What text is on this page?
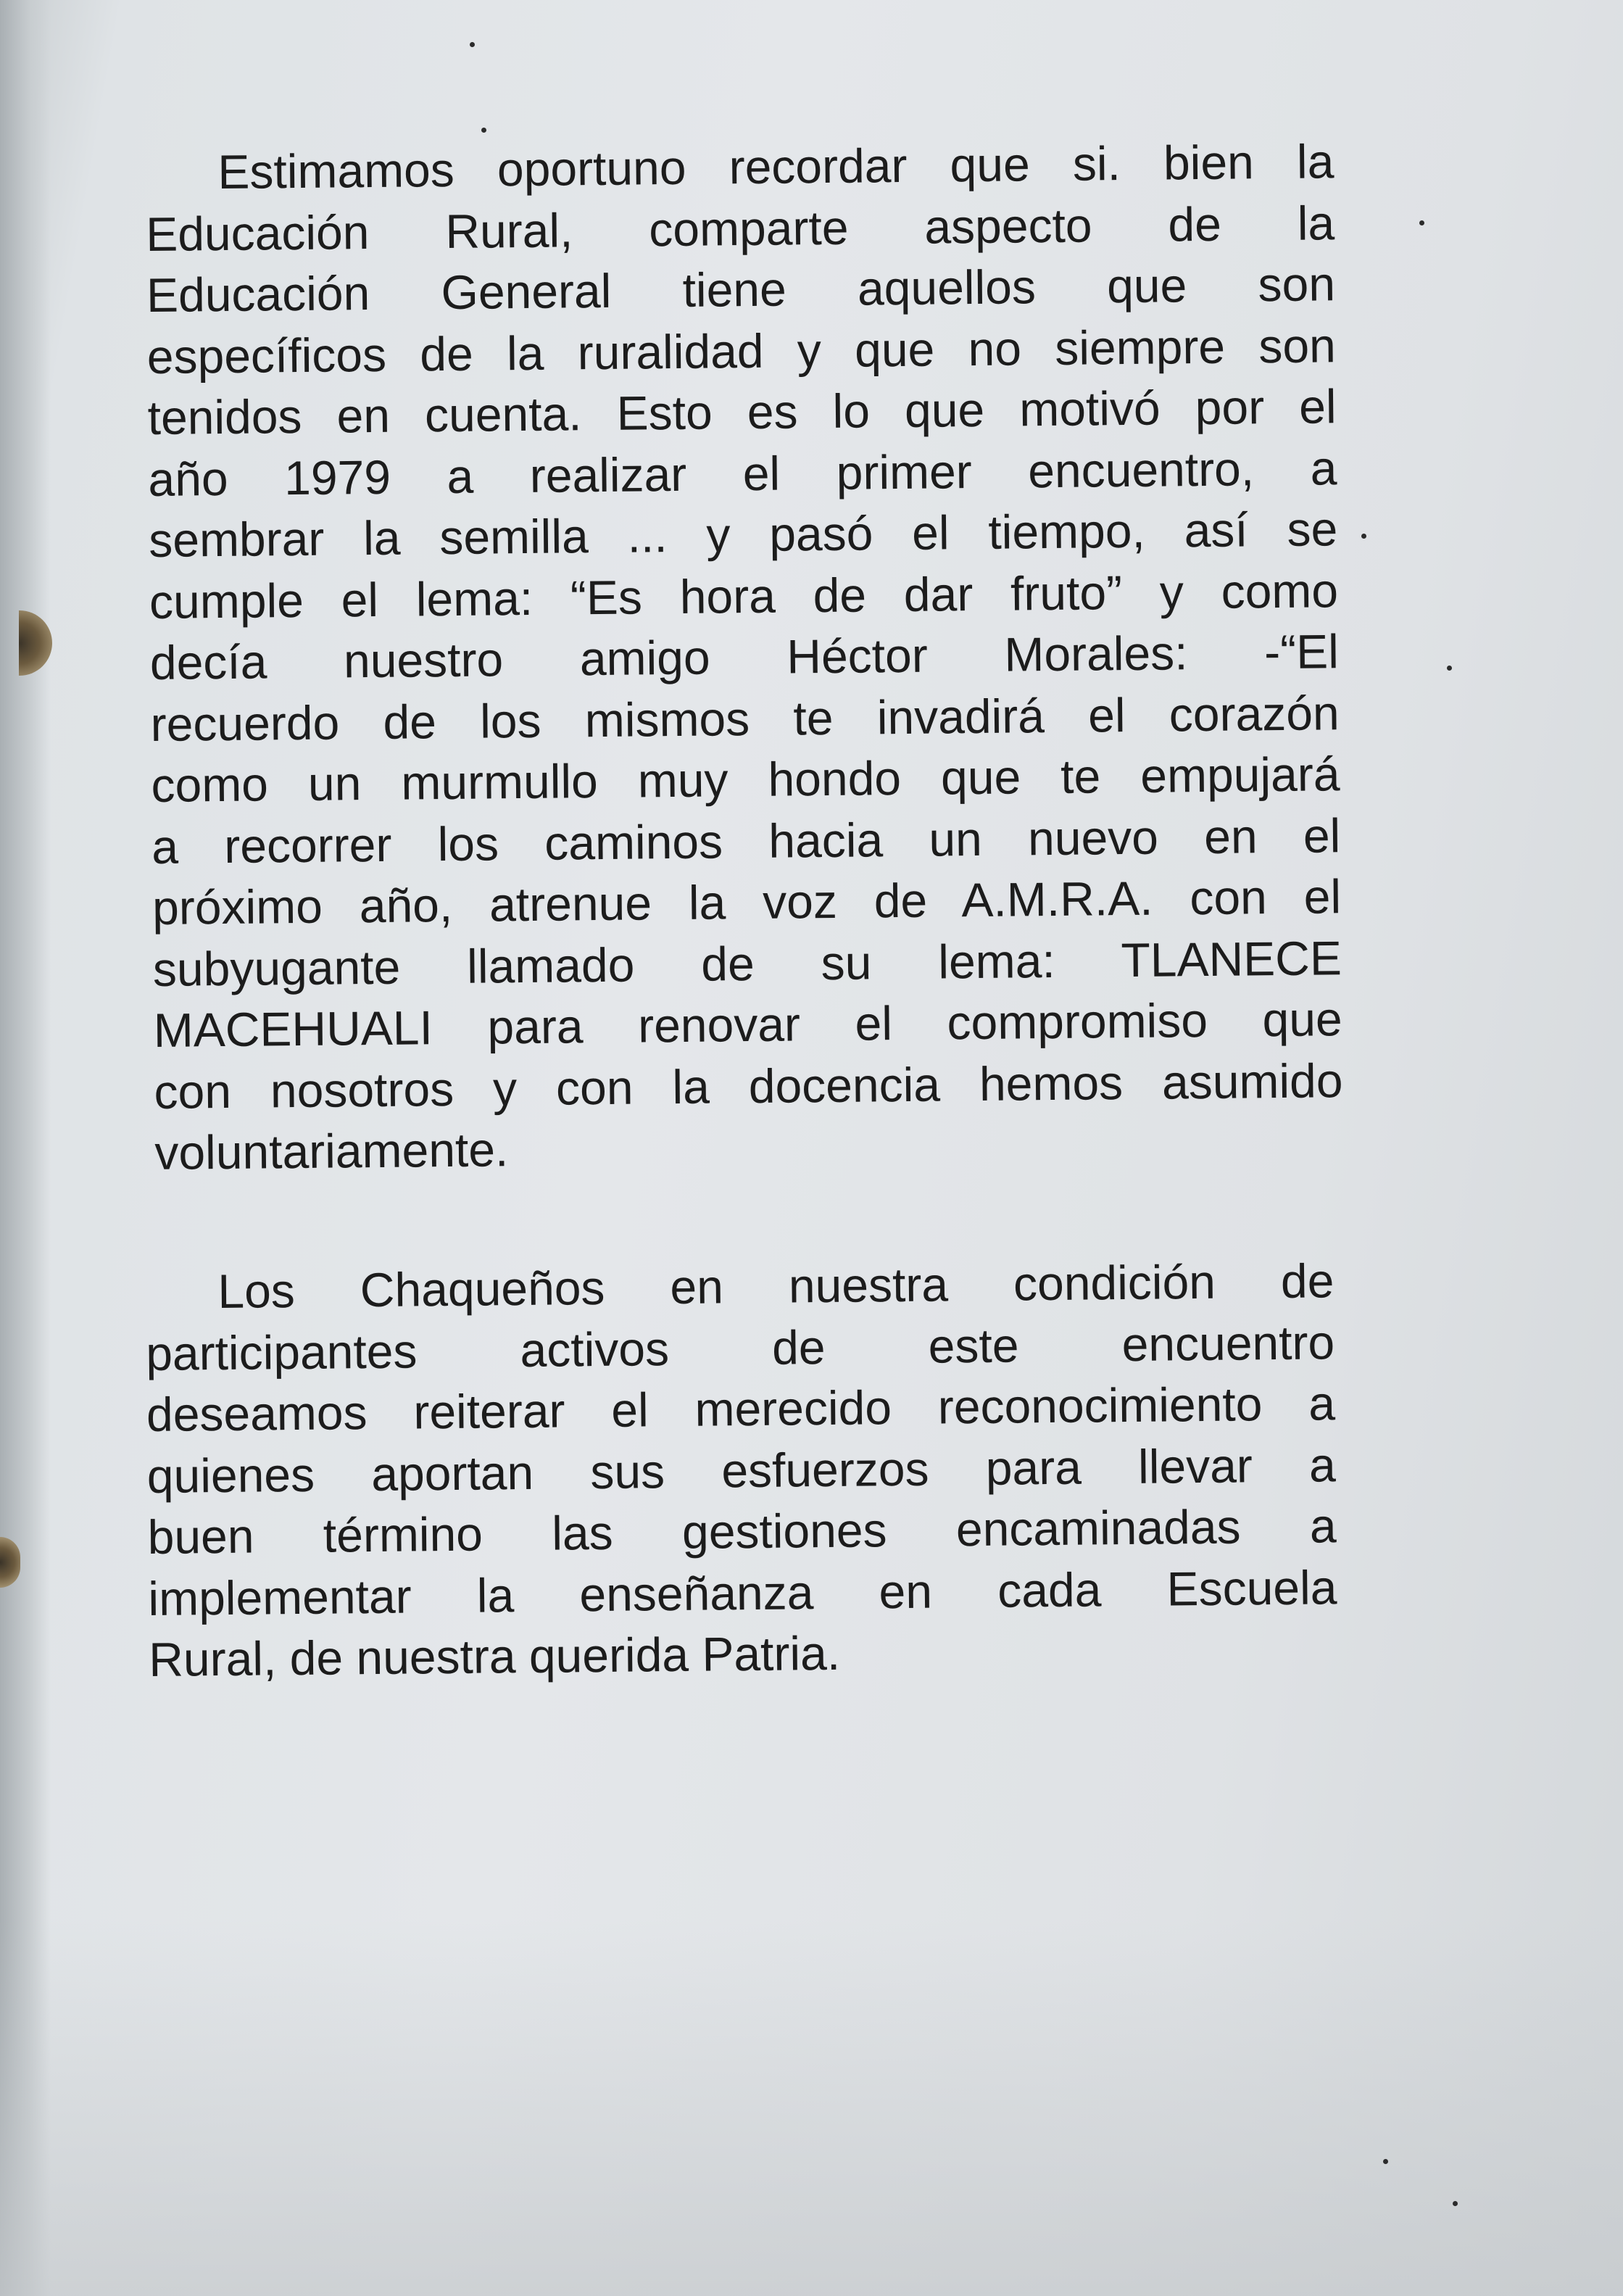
Estimamos oportuno recordar que si. bien la
Educación Rural, comparte aspecto de la
Educación General tiene aquellos que son
específicos de la ruralidad y que no siempre son
tenidos en cuenta. Esto es lo que motivó por el
año 1979 a realizar el primer encuentro, a
sembrar la semilla ... y pasó el tiempo, así se
cumple el lema: “Es hora de dar fruto” y como
decía nuestro amigo Héctor Morales: -“El
recuerdo de los mismos te invadirá el corazón
como un murmullo muy hondo que te empujará
a recorrer los caminos hacia un nuevo en el
próximo año, atrenue la voz de A.M.R.A. con el
subyugante llamado de su lema: TLANECE
MACEHUALI para renovar el compromiso que
con nosotros y con la docencia hemos asumido
voluntariamente.
Los Chaqueños en nuestra condición de
participantes activos de este encuentro
deseamos reiterar el merecido reconocimiento a
quienes aportan sus esfuerzos para llevar a
buen término las gestiones encaminadas a
implementar la enseñanza en cada Escuela
Rural, de nuestra querida Patria.
